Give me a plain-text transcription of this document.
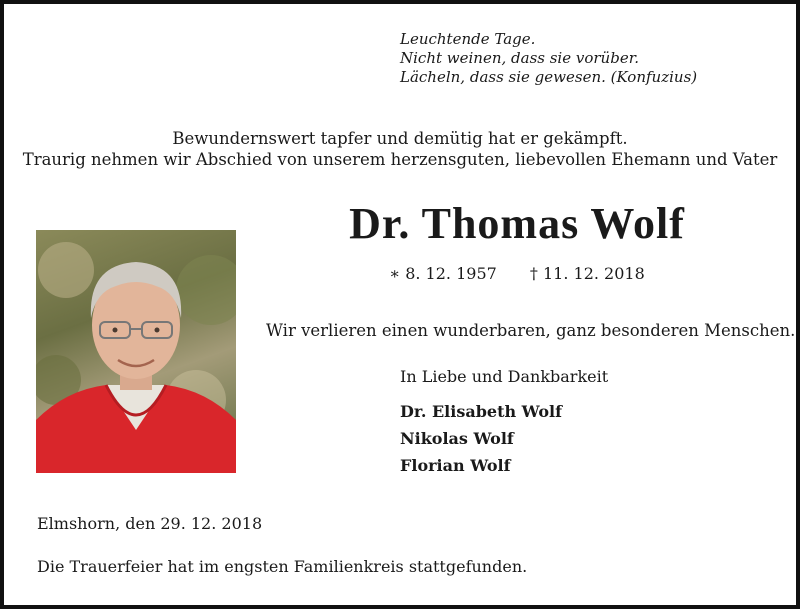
Leuchtende Tage.
Nicht weinen, dass sie vorüber.
Lächeln, dass sie gewesen. (Konfuzius)
Bewundernswert tapfer und demütig hat er gekämpft.
Traurig nehmen wir Abschied von unserem herzensguten, liebevollen Ehemann und Vater
Dr. Thomas Wolf
∗ 8. 12. 1957 † 11. 12. 2018
Wir verlieren einen wunderbaren, ganz besonderen Menschen.
In Liebe und Dankbarkeit
Dr. Elisabeth Wolf
Nikolas Wolf
Florian Wolf
Elmshorn, den 29. 12. 2018
Die Trauerfeier hat im engsten Familienkreis stattgefunden.
